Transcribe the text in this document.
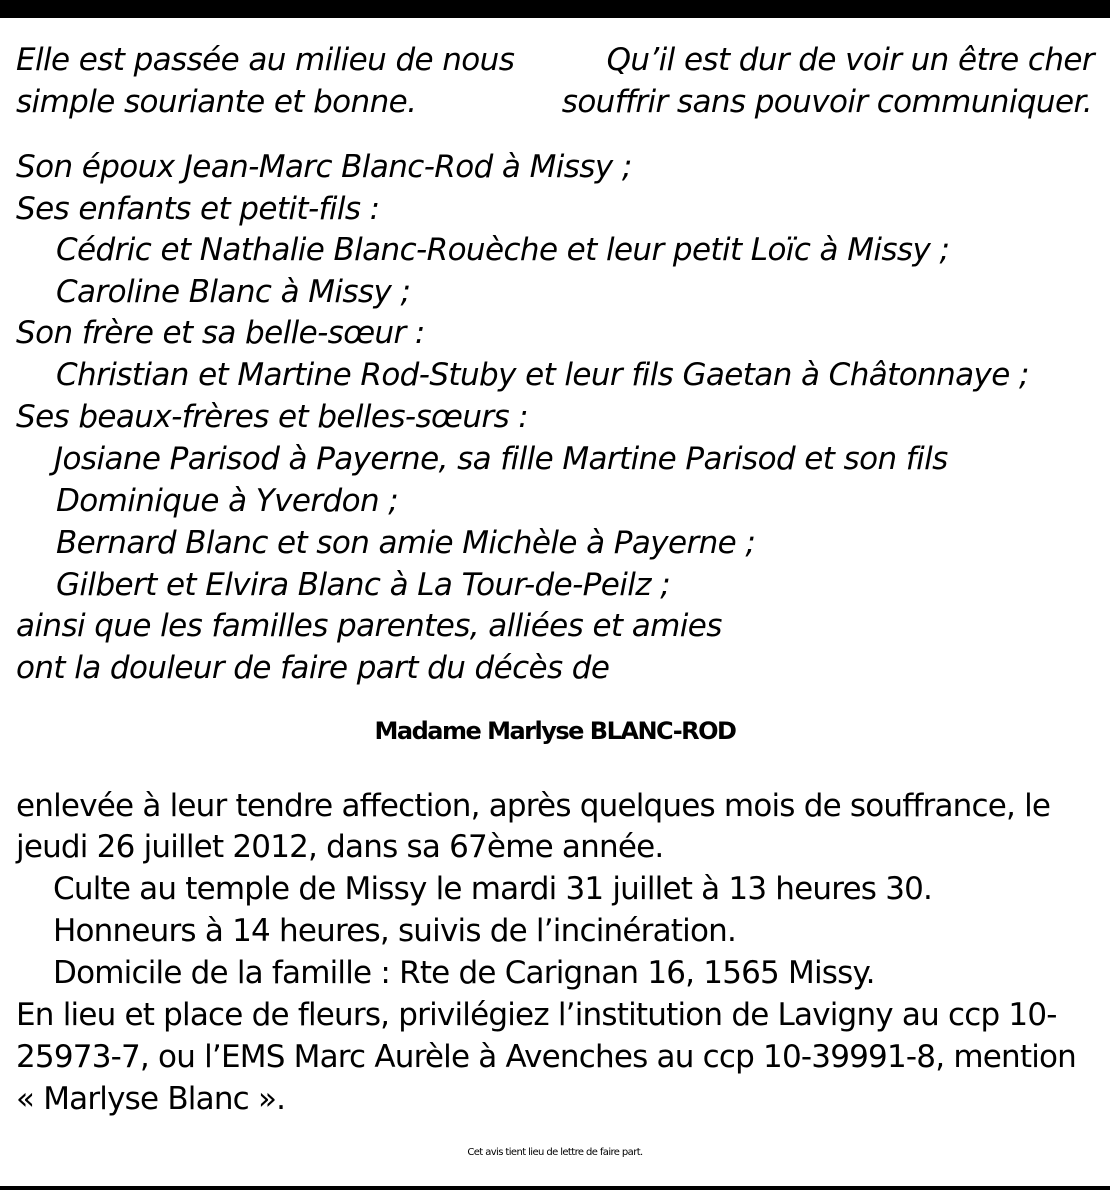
Elle est passée au milieu de nous
simple souriante et bonne.
Qu’il est dur de voir un être cher
souffrir sans pouvoir communiquer.
Son époux Jean-Marc Blanc-Rod à Missy ;
Ses enfants et petit-fils :
Cédric et Nathalie Blanc-Rouèche et leur petit Loïc à Missy ;
Caroline Blanc à Missy ;
Son frère et sa belle-sœur :
Christian et Martine Rod-Stuby et leur fils Gaetan à Châtonnaye ;
Ses beaux-frères et belles-sœurs :
Josiane Parisod à Payerne, sa fille Martine Parisod et son fils
Dominique à Yverdon ;
Bernard Blanc et son amie Michèle à Payerne ;
Gilbert et Elvira Blanc à La Tour-de-Peilz ;
ainsi que les familles parentes, alliées et amies
ont la douleur de faire part du décès de
Madame Marlyse BLANC-ROD
enlevée à leur tendre affection, après quelques mois de souffrance, le
jeudi 26 juillet 2012, dans sa 67ème année.
Culte au temple de Missy le mardi 31 juillet à 13 heures 30.
Honneurs à 14 heures, suivis de l’incinération.
Domicile de la famille : Rte de Carignan 16, 1565 Missy.
En lieu et place de fleurs, privilégiez l’institution de Lavigny au ccp 10-
25973-7, ou l’EMS Marc Aurèle à Avenches au ccp 10-39991-8, mention
« Marlyse Blanc ».
Cet avis tient lieu de lettre de faire part.
